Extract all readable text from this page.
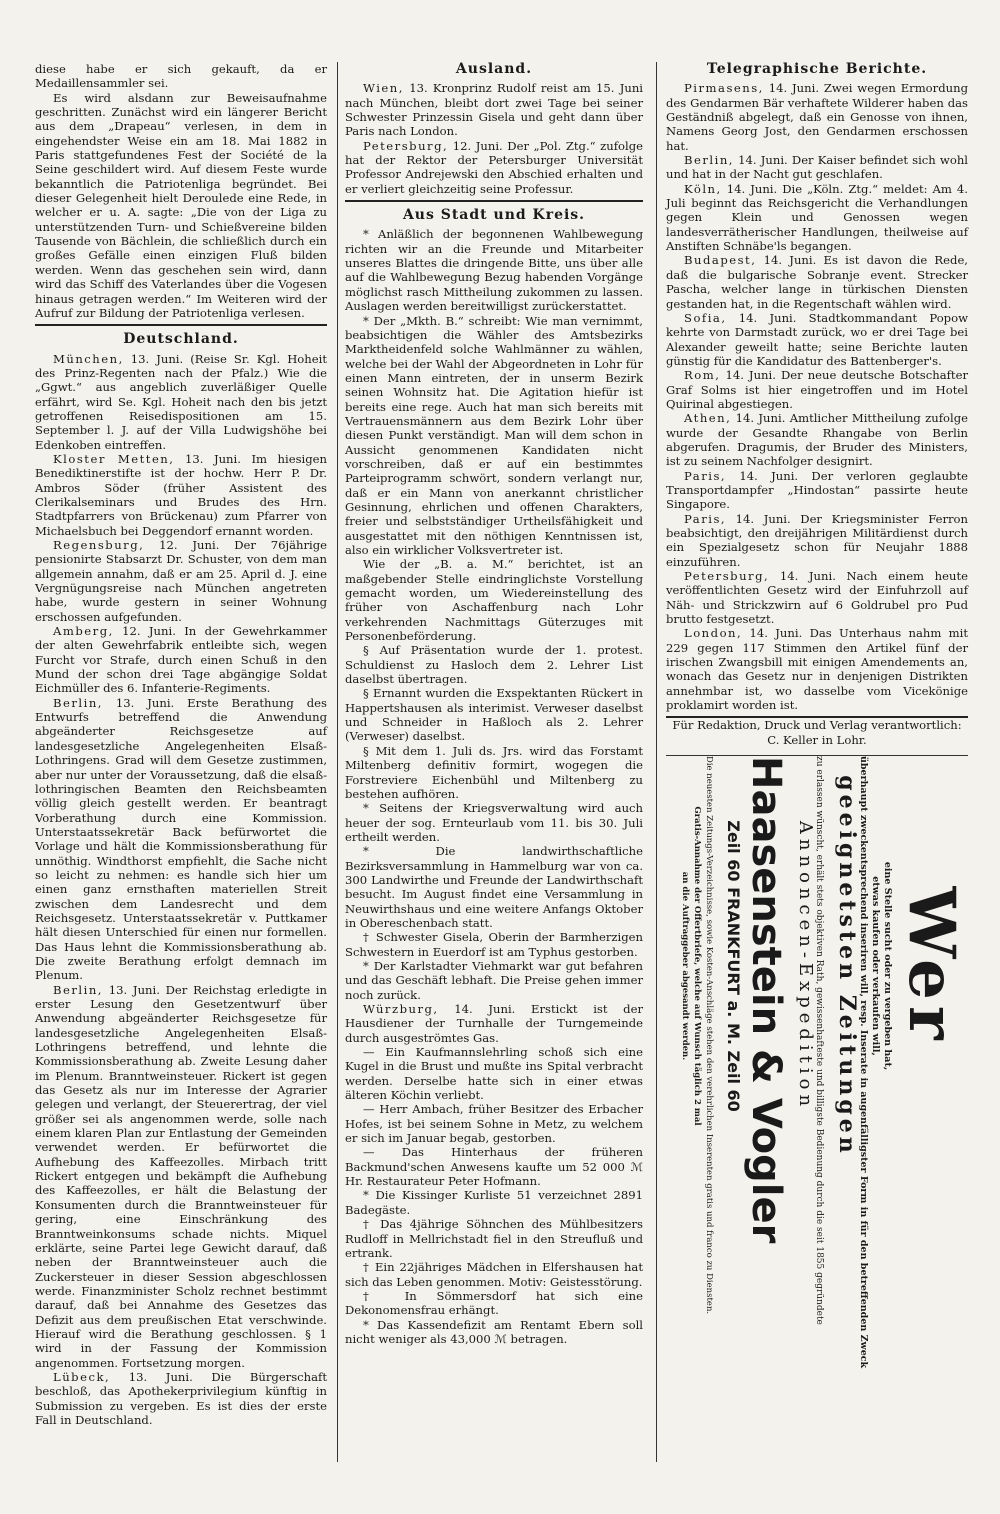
diese habe er sich gekauft, da er Medaillensammler sei.

Es wird alsdann zur Beweisaufnahme geschritten. Zunächst wird ein längerer Bericht aus dem „Drapeau“ verlesen, in dem in eingehendster Weise ein am 18. Mai 1882 in Paris stattgefundenes Fest der Société de la Seine geschildert wird. Auf diesem Feste wurde bekanntlich die Patriotenliga begründet. Bei dieser Gelegenheit hielt Deroulede eine Rede, in welcher er u. A. sagte: „Die von der Liga zu unterstützenden Turn- und Schießvereine bilden Tausende von Bächlein, die schließlich durch ein großes Gefälle einen einzigen Fluß bilden werden. Wenn das geschehen sein wird, dann wird das Schiff des Vaterlandes über die Vogesen hinaus getragen werden.“ Im Weiteren wird der Aufruf zur Bildung der Patriotenliga verlesen.

Deutschland.

München, 13. Juni. (Reise Sr. Kgl. Hoheit des Prinz-Regenten nach der Pfalz.) Wie die „Ggwt.“ aus angeblich zuverläßiger Quelle erfährt, wird Se. Kgl. Hoheit nach den bis jetzt getroffenen Reisedispositionen am 15. September l. J. auf der Villa Ludwigshöhe bei Edenkoben eintreffen.

Kloster Metten, 13. Juni. Im hiesigen Benediktinerstifte ist der hochw. Herr P. Dr. Ambros Söder (früher Assistent des Clerikalseminars und Brudes des Hrn. Stadtpfarrers von Brückenau) zum Pfarrer von Michaelsbuch bei Deggendorf ernannt worden.

Regensburg, 12. Juni. Der 76jährige pensionirte Stabsarzt Dr. Schuster, von dem man allgemein annahm, daß er am 25. April d. J. eine Vergnügungsreise nach München angetreten habe, wurde gestern in seiner Wohnung erschossen aufgefunden.

Amberg, 12. Juni. In der Gewehrkammer der alten Gewehrfabrik entleibte sich, wegen Furcht vor Strafe, durch einen Schuß in den Mund der schon drei Tage abgängige Soldat Eichmüller des 6. Infanterie-Regiments.

Berlin, 13. Juni. Erste Berathung des Entwurfs betreffend die Anwendung abgeänderter Reichsgesetze auf landesgesetzliche Angelegenheiten Elsaß-Lothringens. Grad will dem Gesetze zustimmen, aber nur unter der Voraussetzung, daß die elsaß-lothringischen Beamten den Reichsbeamten völlig gleich gestellt werden. Er beantragt Vorberathung durch eine Kommission. Unterstaatssekretär Back befürwortet die Vorlage und hält die Kommissionsberathung für unnöthig. Windthorst empfiehlt, die Sache nicht so leicht zu nehmen: es handle sich hier um einen ganz ernsthaften materiellen Streit zwischen dem Landesrecht und dem Reichsgesetz. Unterstaatssekretär v. Puttkamer hält diesen Unterschied für einen nur formellen. Das Haus lehnt die Kommissionsberathung ab. Die zweite Berathung erfolgt demnach im Plenum.

Berlin, 13. Juni. Der Reichstag erledigte in erster Lesung den Gesetzentwurf über Anwendung abgeänderter Reichsgesetze für landesgesetzliche Angelegenheiten Elsaß-Lothringens betreffend, und lehnte die Kommissionsberathung ab. Zweite Lesung daher im Plenum. Branntweinsteuer. Rickert ist gegen das Gesetz als nur im Interesse der Agrarier gelegen und verlangt, der Steuerertrag, der viel größer sei als angenommen werde, solle nach einem klaren Plan zur Entlastung der Gemeinden verwendet werden. Er befürwortet die Aufhebung des Kaffeezolles. Mirbach tritt Rickert entgegen und bekämpft die Aufhebung des Kaffeezolles, er hält die Belastung der Konsumenten durch die Branntweinsteuer für gering, eine Einschränkung des Branntweinkonsums schade nichts. Miquel erklärte, seine Partei lege Gewicht darauf, daß neben der Branntweinsteuer auch die Zuckersteuer in dieser Session abgeschlossen werde. Finanzminister Scholz rechnet bestimmt darauf, daß bei Annahme des Gesetzes das Defizit aus dem preußischen Etat verschwinde. Hierauf wird die Berathung geschlossen. § 1 wird in der Fassung der Kommission angenommen. Fortsetzung morgen.

Lübeck, 13. Juni. Die Bürgerschaft beschloß, das Apothekerprivilegium künftig in Submission zu vergeben. Es ist dies der erste Fall in Deutschland.

Ausland.

Wien, 13. Kronprinz Rudolf reist am 15. Juni nach München, bleibt dort zwei Tage bei seiner Schwester Prinzessin Gisela und geht dann über Paris nach London.

Petersburg, 12. Juni. Der „Pol. Ztg.“ zufolge hat der Rektor der Petersburger Universität Professor Andrejewski den Abschied erhalten und er verliert gleichzeitig seine Professur.

Aus Stadt und Kreis.

* Anläßlich der begonnenen Wahlbewegung richten wir an die Freunde und Mitarbeiter unseres Blattes die dringende Bitte, uns über alle auf die Wahlbewegung Bezug habenden Vorgänge möglichst rasch Mittheilung zukommen zu lassen. Auslagen werden bereitwilligst zurückerstattet.

* Der „Mkth. B.“ schreibt: Wie man vernimmt, beabsichtigen die Wähler des Amtsbezirks Marktheidenfeld solche Wahlmänner zu wählen, welche bei der Wahl der Abgeordneten in Lohr für einen Mann eintreten, der in unserm Bezirk seinen Wohnsitz hat. Die Agitation hiefür ist bereits eine rege. Auch hat man sich bereits mit Vertrauensmännern aus dem Bezirk Lohr über diesen Punkt verständigt. Man will dem schon in Aussicht genommenen Kandidaten nicht vorschreiben, daß er auf ein bestimmtes Parteiprogramm schwört, sondern verlangt nur, daß er ein Mann von anerkannt christlicher Gesinnung, ehrlichen und offenen Charakters, freier und selbstständiger Urtheilsfähigkeit und ausgestattet mit den nöthigen Kenntnissen ist, also ein wirklicher Volksvertreter ist.

Wie der „B. a. M.“ berichtet, ist an maßgebender Stelle eindringlichste Vorstellung gemacht worden, um Wiedereinstellung des früher von Aschaffenburg nach Lohr verkehrenden Nachmittags Güterzuges mit Personenbeförderung.

§ Auf Präsentation wurde der 1. protest. Schuldienst zu Hasloch dem 2. Lehrer List daselbst übertragen.

§ Ernannt wurden die Exspektanten Rückert in Happertshausen als interimist. Verweser daselbst und Schneider in Haßloch als 2. Lehrer (Verweser) daselbst.

§ Mit dem 1. Juli ds. Jrs. wird das Forstamt Miltenberg definitiv formirt, wogegen die Forstreviere Eichenbühl und Miltenberg zu bestehen aufhören.

* Seitens der Kriegsverwaltung wird auch heuer der sog. Ernteurlaub vom 11. bis 30. Juli ertheilt werden.

* Die landwirthschaftliche Bezirksversammlung in Hammelburg war von ca. 300 Landwirthe und Freunde der Landwirthschaft besucht. Im August findet eine Versammlung in Neuwirthshaus und eine weitere Anfangs Oktober in Obereschenbach statt.

† Schwester Gisela, Oberin der Barmherzigen Schwestern in Euerdorf ist am Typhus gestorben.

* Der Karlstadter Viehmarkt war gut befahren und das Geschäft lebhaft. Die Preise gehen immer noch zurück.

Würzburg, 14. Juni. Erstickt ist der Hausdiener der Turnhalle der Turngemeinde durch ausgeströmtes Gas.

— Ein Kaufmannslehrling schoß sich eine Kugel in die Brust und mußte ins Spital verbracht werden. Derselbe hatte sich in einer etwas älteren Köchin verliebt.

— Herr Ambach, früher Besitzer des Erbacher Hofes, ist bei seinem Sohne in Metz, zu welchem er sich im Januar begab, gestorben.

— Das Hinterhaus der früheren Backmund'schen Anwesens kaufte um 52 000 ℳ Hr. Restaurateur Peter Hofmann.

* Die Kissinger Kurliste 51 verzeichnet 2891 Badegäste.

† Das 4jährige Söhnchen des Mühlbesitzers Rudloff in Mellrichstadt fiel in den Streufluß und ertrank.

† Ein 22jähriges Mädchen in Elfershausen hat sich das Leben genommen. Motiv: Geistesstörung.

† In Sömmersdorf hat sich eine Dekonomensfrau erhängt.

* Das Kassendefizit am Rentamt Ebern soll nicht weniger als 43,000 ℳ betragen.

Telegraphische Berichte.

Pirmasens, 14. Juni. Zwei wegen Ermordung des Gendarmen Bär verhaftete Wilderer haben das Geständniß abgelegt, daß ein Genosse von ihnen, Namens Georg Jost, den Gendarmen erschossen hat.

Berlin, 14. Juni. Der Kaiser befindet sich wohl und hat in der Nacht gut geschlafen.

Köln, 14. Juni. Die „Köln. Ztg.“ meldet: Am 4. Juli beginnt das Reichsgericht die Verhandlungen gegen Klein und Genossen wegen landesverrätherischer Handlungen, theilweise auf Anstiften Schnäbe'ls begangen.

Budapest, 14. Juni. Es ist davon die Rede, daß die bulgarische Sobranje event. Strecker Pascha, welcher lange in türkischen Diensten gestanden hat, in die Regentschaft wählen wird.

Sofia, 14. Juni. Stadtkommandant Popow kehrte von Darmstadt zurück, wo er drei Tage bei Alexander geweilt hatte; seine Berichte lauten günstig für die Kandidatur des Battenberger's.

Rom, 14. Juni. Der neue deutsche Botschafter Graf Solms ist hier eingetroffen und im Hotel Quirinal abgestiegen.

Athen, 14. Juni. Amtlicher Mittheilung zufolge wurde der Gesandte Rhangabe von Berlin abgerufen. Dragumis, der Bruder des Ministers, ist zu seinem Nachfolger designirt.

Paris, 14. Juni. Der verloren geglaubte Transportdampfer „Hindostan“ passirte heute Singapore.

Paris, 14. Juni. Der Kriegsminister Ferron beabsichtigt, den dreijährigen Militärdienst durch ein Spezialgesetz schon für Neujahr 1888 einzuführen.

Petersburg, 14. Juni. Nach einem heute veröffentlichten Gesetz wird der Einfuhrzoll auf Näh- und Strickzwirn auf 6 Goldrubel pro Pud brutto festgesetzt.

London, 14. Juni. Das Unterhaus nahm mit 229 gegen 117 Stimmen den Artikel fünf der irischen Zwangsbill mit einigen Amendements an, wonach das Gesetz nur in denjenigen Distrikten annehmbar ist, wo dasselbe vom Vicekönige proklamirt worden ist.

Für Redaktion, Druck und Verlag verantwortlich:

C. Keller in Lohr.

Wer
eine Stelle sucht oder zu vergeben hat,
etwas kaufen oder verkaufen will,
überhaupt zweckentsprechend inseriren will, resp. Inserate in augenfälligster Form in für den betreffenden Zweck
geeignetsten Zeitungen
zu erlassen wünscht, erhält stets objektiven Rath, gewissenhafteste und billigste Bedienung durch die seit 1855 gegründete
Annoncen-Expedition
Haasenstein & Vogler
Zeil 60 FRANKFURT a. M. Zeil 60
Die neuesten Zeitungs-Verzeichnisse, sowie Kosten-Anschläge stehen den verehrlichen Inserenten gratis und franco zu Diensten.
Gratis-Annahme der Offertbriefe, welche auf Wunsch täglich 2 mal
an die Auftraggeber abgesandt werden.
